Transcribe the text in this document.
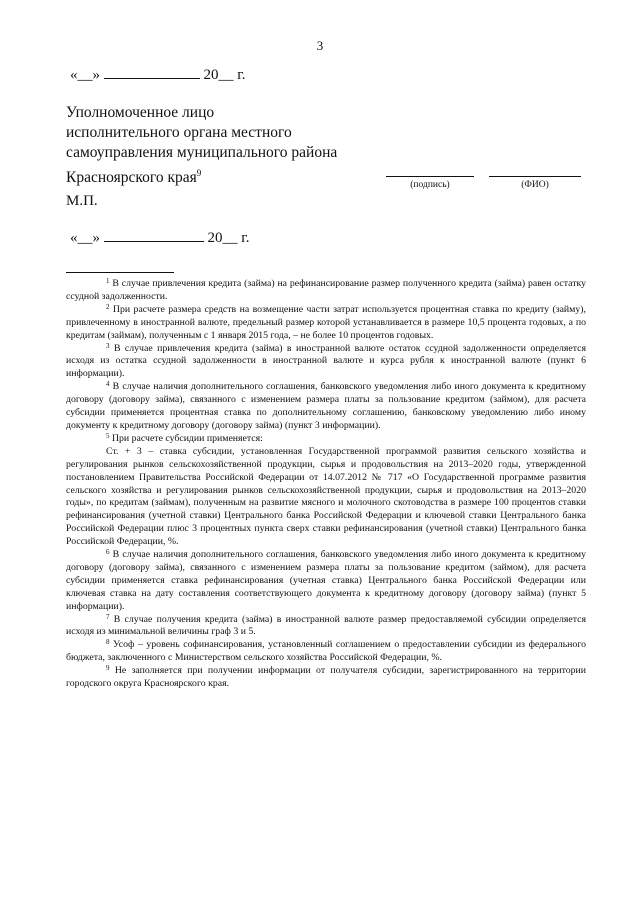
3
«__»	20__ г.
Уполномоченное лицо
исполнительного органа местного
самоуправления муниципального района
Красноярского края$^9$
(подпись)	(ФИО)
М.П.
«__»	20__ г.

$^1$ В случае привлечения кредита (займа) на рефинансирование размер полученного кредита (займа) равен остатку ссудной задолженности.

$^2$ При расчете размера средств на возмещение части затрат используется процентная ставка по кредиту (займу), привлеченному в иностранной валюте, предельный размер которой устанавливается в размере 10,5 процента годовых, а по кредитам (займам), полученным с 1 января 2015 года, – не более 10 процентов годовых.

$^3$ В случае привлечения кредита (займа) в иностранной валюте остаток ссудной задолженности определяется исходя из остатка ссудной задолженности в иностранной валюте и курса рубля к иностранной валюте (пункт 6 информации).

$^4$ В случае наличия дополнительного соглашения, банковского уведомления либо иного документа к кредитному договору (договору займа), связанного с изменением размера платы за пользование кредитом (займом), для расчета субсидии применяется процентная ставка по дополнительному соглашению, банковскому уведомлению либо иному документу к кредитному договору (договору займа) (пункт 3 информации).

$^5$ При расчете субсидии применяется:

Ст. + 3 – ставка субсидии, установленная Государственной программой развития сельского хозяйства и регулирования рынков сельскохозяйственной продукции, сырья и продовольствия на 2013–2020 годы, утвержденной постановлением Правительства Российской Федерации от 14.07.2012 № 717 «О Государственной программе развития сельского хозяйства и регулирования рынков сельскохозяйственной продукции, сырья и продовольствия на 2013–2020 годы», по кредитам (займам), полученным на развитие мясного и молочного скотоводства в размере 100 процентов ставки рефинансирования (учетной ставки) Центрального банка Российской Федерации и ключевой ставки Центрального банка Российской Федерации плюс 3 процентных пункта сверх ставки рефинансирования (учетной ставки) Центрального банка Российской Федерации, %.

$^6$ В случае наличия дополнительного соглашения, банковского уведомления либо иного документа к кредитному договору (договору займа), связанного с изменением размера платы за пользование кредитом (займом), для расчета субсидии применяется ставка рефинансирования (учетная ставка) Центрального банка Российской Федерации или ключевая ставка на дату составления соответствующего документа к кредитному договору (договору займа) (пункт 5 информации).

$^7$ В случае получения кредита (займа) в иностранной валюте размер предоставляемой субсидии определяется исходя из минимальной величины граф 3 и 5.

$^8$ Усоф – уровень софинансирования, установленный соглашением о предоставлении субсидии из федерального бюджета, заключенного с Министерством сельского хозяйства Российской Федерации, %.

$^9$ Не заполняется при получении информации от получателя субсидии, зарегистрированного на территории городского округа Красноярского края.
